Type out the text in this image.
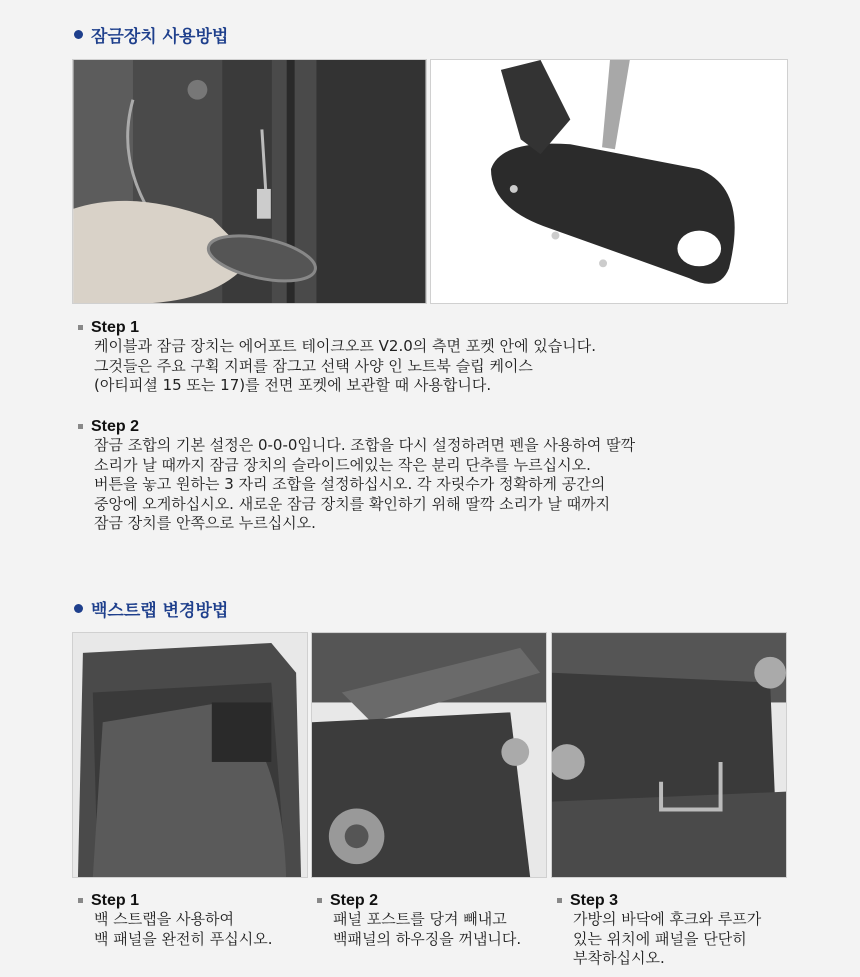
잠금장치 사용방법
Step 1
케이블과 잠금 장치는 에어포트 테이크오프 V2.0의 측면 포켓 안에 있습니다.
그것들은 주요 구획 지퍼를 잠그고 선택 사양 인 노트북 슬립 케이스
(아티피셜 15 또는 17)를 전면 포켓에 보관할 때 사용합니다.
Step 2
잠금 조합의 기본 설정은 0-0-0입니다. 조합을 다시 설정하려면 펜을 사용하여 딸깍
소리가 날 때까지 잠금 장치의 슬라이드에있는 작은 분리 단추를 누르십시오.
버튼을 놓고 원하는 3 자리 조합을 설정하십시오. 각 자릿수가 정확하게 공간의
중앙에 오게하십시오. 새로운 잠금 장치를 확인하기 위해 딸깍 소리가 날 때까지
잠금 장치를 안쪽으로 누르십시오.
백스트랩 변경방법
Step 1
백 스트랩을 사용하여
백 패널을 완전히 푸십시오.
Step 2
패널 포스트를 당겨 빼내고
백패널의 하우징을 꺼냅니다.
Step 3
가방의 바닥에 후크와 루프가
있는 위치에 패널을 단단히
부착하십시오.
